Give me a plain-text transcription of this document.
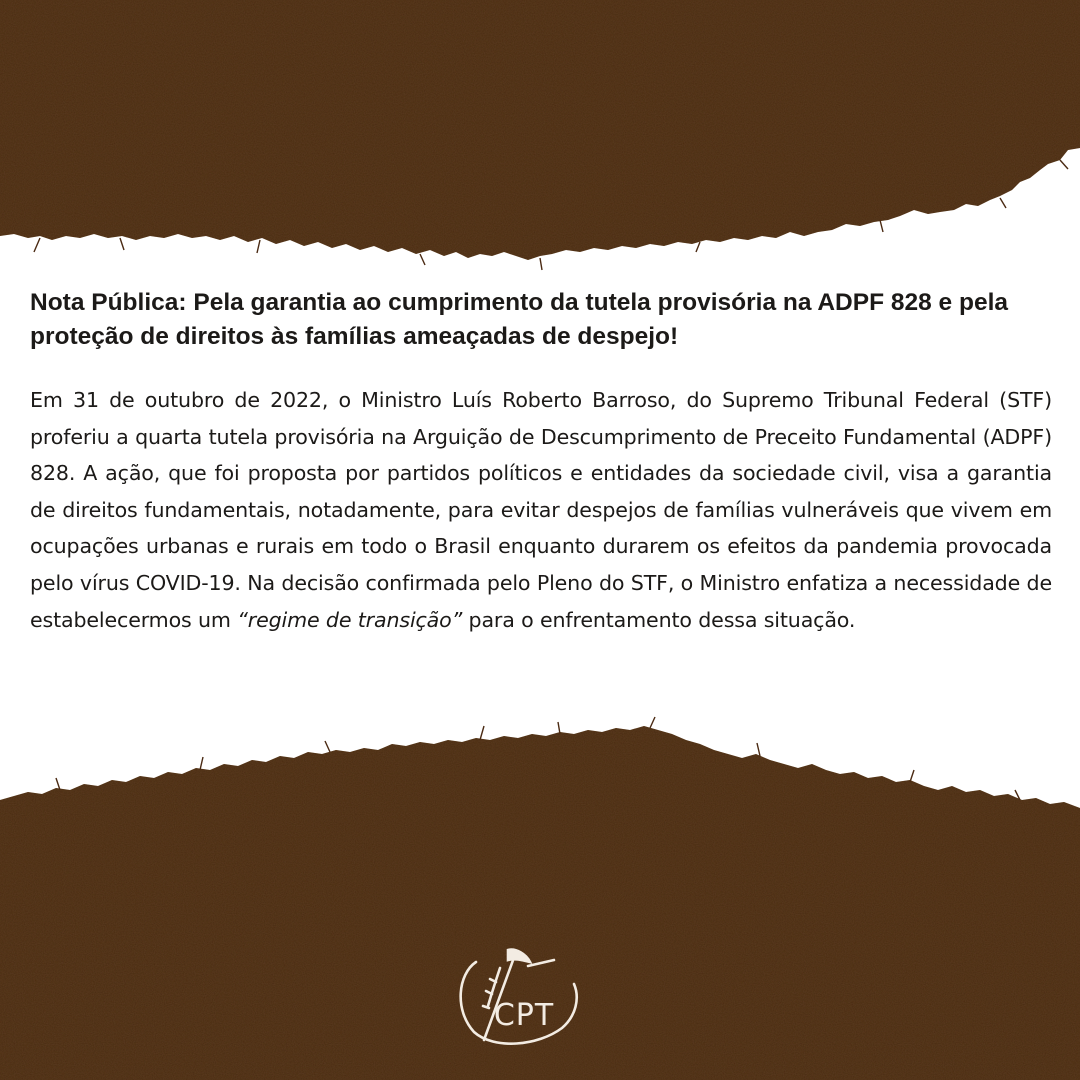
Nota Pública: Pela garantia ao cumprimento da tutela provisória na ADPF 828 e pela proteção de direitos às famílias ameaçadas de despejo!

Em 31 de outubro de 2022, o Ministro Luís Roberto Barroso, do Supremo Tribunal Federal (STF) proferiu a quarta tutela provisória na Arguição de Descumprimento de Preceito Fundamental (ADPF) 828. A ação, que foi proposta por partidos políticos e entidades da sociedade civil, visa a garantia de direitos fundamentais, notadamente, para evitar despejos de famílias vulneráveis que vivem em ocupações urbanas e rurais em todo o Brasil enquanto durarem os efeitos da pandemia provocada pelo vírus COVID-19. Na decisão confirmada pelo Pleno do STF, o Ministro enfatiza a necessidade de estabelecermos um “regime de transição” para o enfrentamento dessa situação.

CPT
